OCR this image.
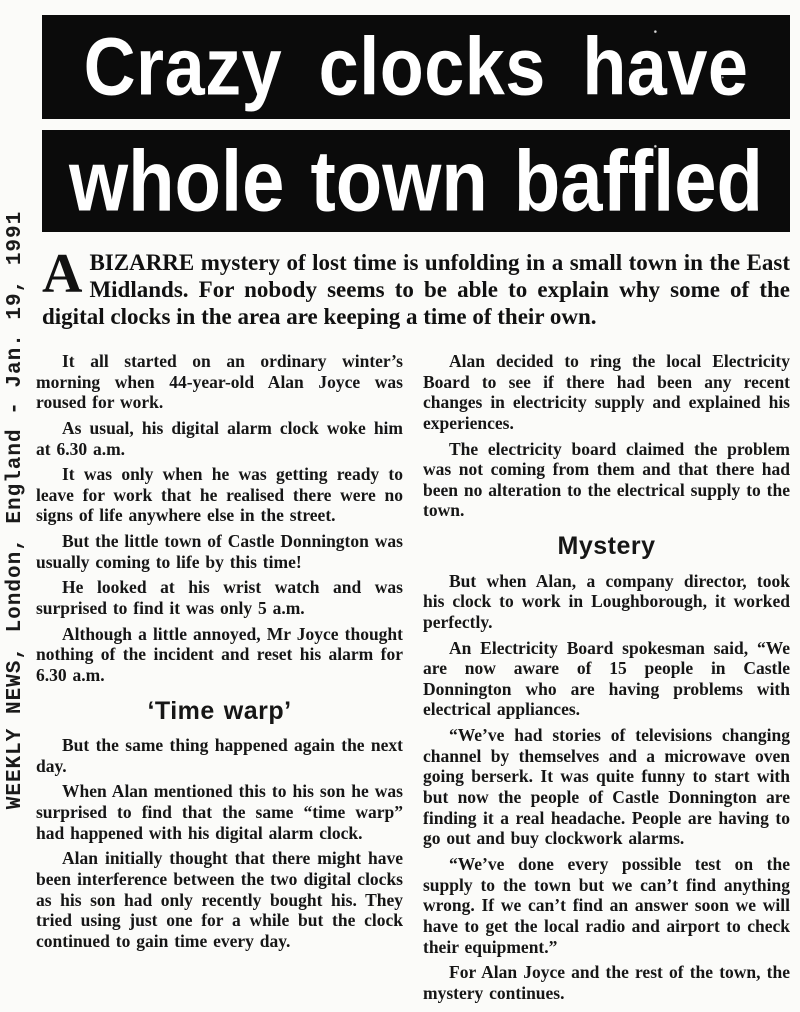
WEEKLY NEWS, London, England - Jan. 19, 1991
Crazy clocks have
whole town baffled
A BIZARRE mystery of lost time is unfolding in a small town in the East Midlands. For nobody seems to be able to explain why some of the digital clocks in the area are keeping a time of their own.

It all started on an ordinary winter’s morning when 44-year-old Alan Joyce was roused for work.

As usual, his digital alarm clock woke him at 6.30 a.m.

It was only when he was getting ready to leave for work that he realised there were no signs of life anywhere else in the street.

But the little town of Castle Donnington was usually coming to life by this time!

He looked at his wrist watch and was surprised to find it was only 5 a.m.

Although a little annoyed, Mr Joyce thought nothing of the incident and reset his alarm for 6.30 a.m.

‘Time warp’

But the same thing happened again the next day.

When Alan mentioned this to his son he was surprised to find that the same “time warp” had happened with his digital alarm clock.

Alan initially thought that there might have been interference between the two digital clocks as his son had only recently bought his. They tried using just one for a while but the clock continued to gain time every day.

Alan decided to ring the local Electricity Board to see if there had been any recent changes in electricity supply and explained his experiences.

The electricity board claimed the problem was not coming from them and that there had been no alteration to the electrical supply to the town.

Mystery

But when Alan, a company director, took his clock to work in Loughborough, it worked perfectly.

An Electricity Board spokesman said, “We are now aware of 15 people in Castle Donnington who are having problems with electrical appliances.

“We’ve had stories of televisions changing channel by themselves and a microwave oven going berserk. It was quite funny to start with but now the people of Castle Donnington are finding it a real headache. People are having to go out and buy clockwork alarms.

“We’ve done every possible test on the supply to the town but we can’t find anything wrong. If we can’t find an answer soon we will have to get the local radio and airport to check their equipment.”

For Alan Joyce and the rest of the town, the mystery continues.
